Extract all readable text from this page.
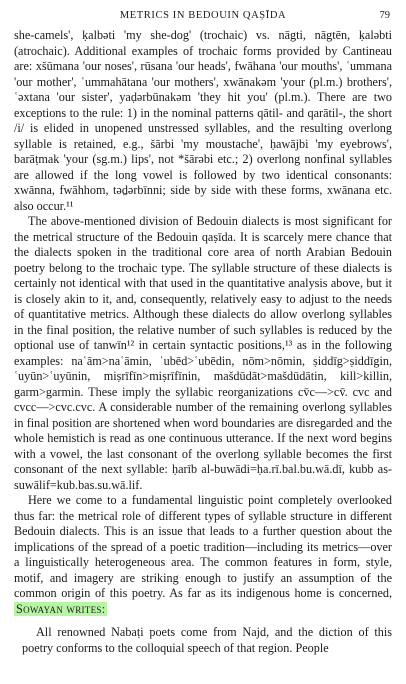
METRICS IN BEDOUIN QAṢĪDA	79

she-camels', ḳalbəti 'my she-dog' (trochaic) vs. nāgti, nāgtēn, ḳaləbti (atrochaic). Additional examples of trochaic forms provided by Cantineau are: xšūmana 'our noses', rūsana 'our heads', fwāhana 'our mouths', ʿummana 'our mother', ʿummahātana 'our mothers', xwānakəm 'your (pl.m.) brothers', ʿəxtana 'our sister', yaḍərbūnakəm 'they hit you' (pl.m.). There are two exceptions to the rule: 1) in the nominal patterns qātil- and qarātil-, the short /i/ is elided in unopened unstressed syllables, and the resulting overlong syllable is retained, e.g., šārbi 'my moustache', ḥawājbi 'my eyebrows', barāṭmak 'your (sg.m.) lips', not *šārəbi etc.; 2) overlong nonfinal syllables are allowed if the long vowel is followed by two identical consonants: xwānna, fwāhhom, təḏərbīnni; side by side with these forms, xwānana etc. also occur.¹¹

The above-mentioned division of Bedouin dialects is most significant for the metrical structure of the Bedouin qaṣīda. It is scarcely mere chance that the dialects spoken in the traditional core area of north Arabian Bedouin poetry belong to the trochaic type. The syllable structure of these dialects is certainly not identical with that used in the quantitative analysis above, but it is closely akin to it, and, consequently, relatively easy to adjust to the needs of quantitative metrics. Although these dialects do allow overlong syllables in the final position, the relative number of such syllables is reduced by the optional use of tanwīn¹² in certain syntactic positions,¹³ as in the following examples: naʿām>naʿāmin, ʿubēd>ʿubēdin, nōm>nōmin, ṣiddīg>ṣiddīgin, ʿuyūn>ʿuyūnin, miṣrīfīn>miṣrīfīnin, mašdūdāt>mašdūdātin, kill>killin, garm>garmin. These imply the syllabic reorganizations cv̄c—>cv̄. cvc and cvcc—>cvc.cvc. A considerable number of the remaining overlong syllables in final position are shortened when word boundaries are disregarded and the whole hemistich is read as one continuous utterance. If the next word begins with a vowel, the last consonant of the overlong syllable becomes the first consonant of the next syllable: ḥarīb al-buwādi=ḥa.rī.bal.bu.wā.dī, kubb as-suwālif=kub.bas.su.wā.lif.

Here we come to a fundamental linguistic point completely overlooked thus far: the metrical role of different types of syllable structure in different Bedouin dialects. This is an issue that leads to a further question about the implications of the spread of a poetic tradition—including its metrics—over a linguistically heterogeneous area. The common features in form, style, motif, and imagery are striking enough to justify an assumption of the common origin of this poetry. As far as its indigenous home is concerned, Sowayan writes:

All renowned Nabaṭi poets come from Najd, and the diction of this poetry conforms to the colloquial speech of that region. People
